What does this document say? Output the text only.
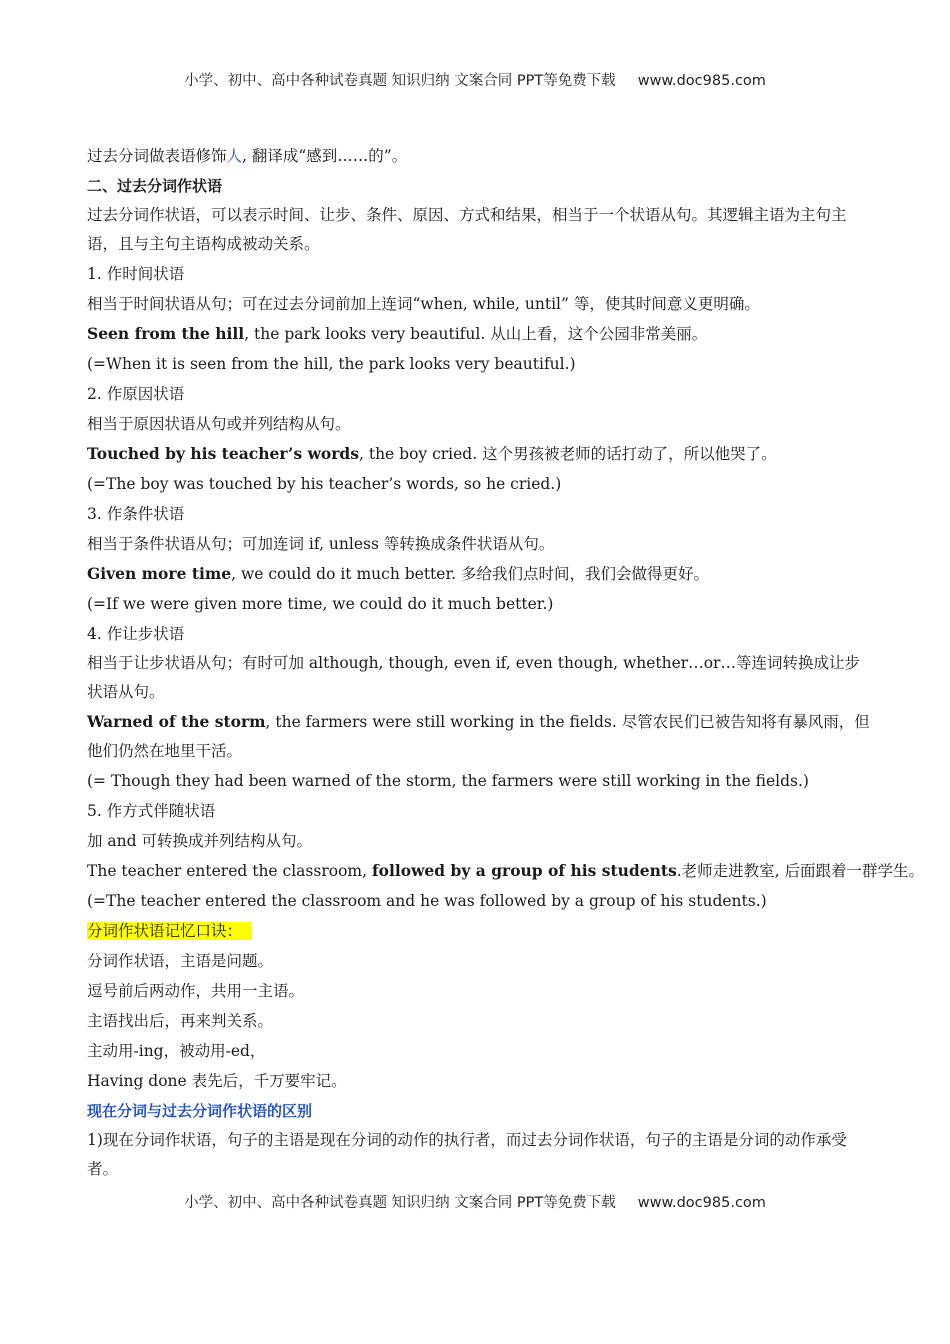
小学、初中、高中各种试卷真题 知识归纳 文案合同 PPT等免费下载 www.doc985.com
过去分词做表语修饰人, 翻译成“感到……的”。
二、过去分词作状语
过去分词作状语，可以表示时间、让步、条件、原因、方式和结果，相当于一个状语从句。其逻辑主语为主句主语，且与主句主语构成被动关系。
1. 作时间状语
相当于时间状语从句；可在过去分词前加上连词“when, while, until” 等，使其时间意义更明确。
Seen from the hill, the park looks very beautiful. 从山上看，这个公园非常美丽。
(=When it is seen from the hill, the park looks very beautiful.)
2. 作原因状语
相当于原因状语从句或并列结构从句。
Touched by his teacher’s words, the boy cried. 这个男孩被老师的话打动了，所以他哭了。
(=The boy was touched by his teacher’s words, so he cried.)
3. 作条件状语
相当于条件状语从句；可加连词 if, unless 等转换成条件状语从句。
Given more time, we could do it much better. 多给我们点时间，我们会做得更好。
(=If we were given more time, we could do it much better.)
4. 作让步状语
相当于让步状语从句；有时可加 although, though, even if, even though, whether…or…等连词转换成让步状语从句。
Warned of the storm, the farmers were still working in the fields. 尽管农民们已被告知将有暴风雨，但他们仍然在地里干活。
(= Though they had been warned of the storm, the farmers were still working in the fields.)
5. 作方式伴随状语
加 and 可转换成并列结构从句。
The teacher entered the classroom, followed by a group of his students.老师走进教室, 后面跟着一群学生。
(=The teacher entered the classroom and he was followed by a group of his students.)
分词作状语记忆口诀：
分词作状语，主语是问题。
逗号前后两动作，共用一主语。
主语找出后，再来判关系。
主动用-ing，被动用-ed，
Having done 表先后，千万要牢记。
现在分词与过去分词作状语的区别
1)现在分词作状语，句子的主语是现在分词的动作的执行者，而过去分词作状语，句子的主语是分词的动作承受者。
小学、初中、高中各种试卷真题 知识归纳 文案合同 PPT等免费下载 www.doc985.com
